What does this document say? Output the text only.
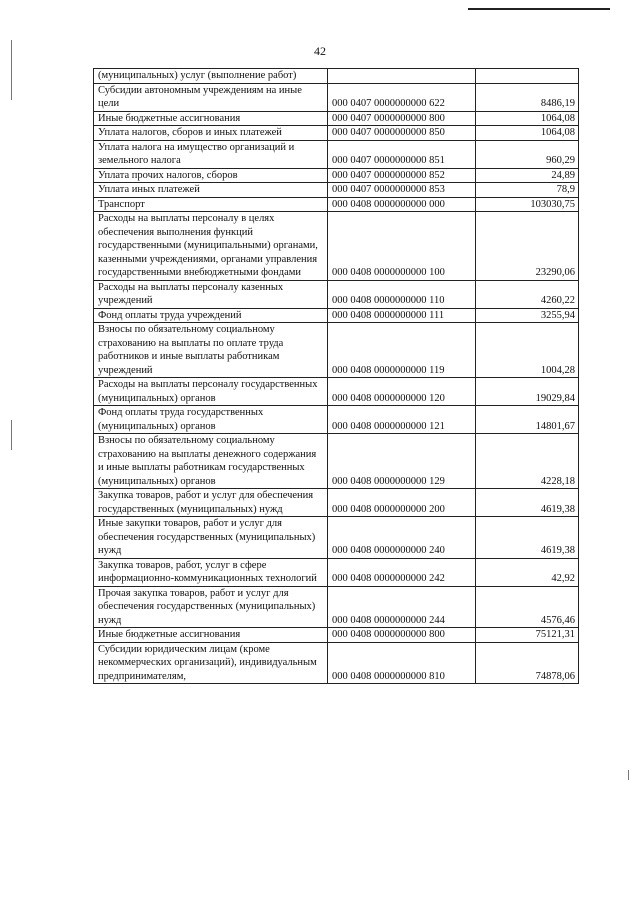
42
(муниципальных) услуг (выполнение работ)		
Субсидии автономным учреждениям на иные цели	000 0407 0000000000 622	8486,19
Иные бюджетные ассигнования	000 0407 0000000000 800	1064,08
Уплата налогов, сборов и иных платежей	000 0407 0000000000 850	1064,08
Уплата налога на имущество организаций и земельного налога	000 0407 0000000000 851	960,29
Уплата прочих налогов, сборов	000 0407 0000000000 852	24,89
Уплата иных платежей	000 0407 0000000000 853	78,9
Транспорт	000 0408 0000000000 000	103030,75
Расходы на выплаты персоналу в целях обеспечения выполнения функций государственными (муниципальными) органами, казенными учреждениями, органами управления государственными внебюджетными фондами	000 0408 0000000000 100	23290,06
Расходы на выплаты персоналу казенных учреждений	000 0408 0000000000 110	4260,22
Фонд оплаты труда учреждений	000 0408 0000000000 111	3255,94
Взносы по обязательному социальному страхованию на выплаты по оплате труда работников и иные выплаты работникам учреждений	000 0408 0000000000 119	1004,28
Расходы на выплаты персоналу государственных (муниципальных) органов	000 0408 0000000000 120	19029,84
Фонд оплаты труда государственных (муниципальных) органов	000 0408 0000000000 121	14801,67
Взносы по обязательному социальному страхованию на выплаты денежного содержания и иные выплаты работникам государственных (муниципальных) органов	000 0408 0000000000 129	4228,18
Закупка товаров, работ и услуг для обеспечения государственных (муниципальных) нужд	000 0408 0000000000 200	4619,38
Иные закупки товаров, работ и услуг для обеспечения государственных (муниципальных) нужд	000 0408 0000000000 240	4619,38
Закупка товаров, работ, услуг в сфере информационно-коммуникационных технологий	000 0408 0000000000 242	42,92
Прочая закупка товаров, работ и услуг для обеспечения государственных (муниципальных) нужд	000 0408 0000000000 244	4576,46
Иные бюджетные ассигнования	000 0408 0000000000 800	75121,31
Субсидии юридическим лицам (кроме некоммерческих организаций), индивидуальным предпринимателям,	000 0408 0000000000 810	74878,06
